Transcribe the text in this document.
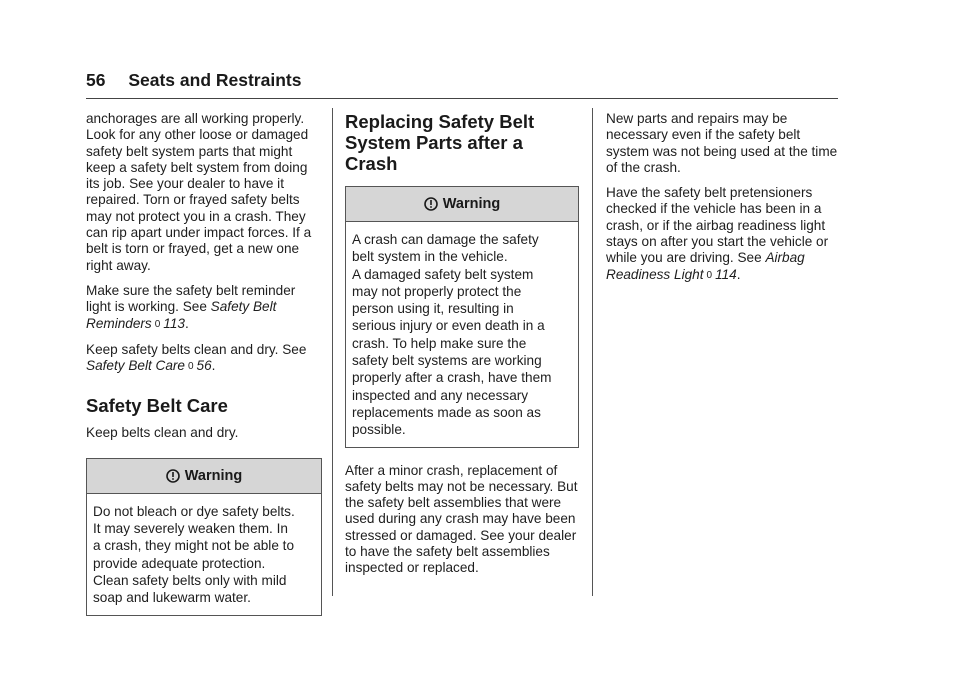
56 Seats and Restraints

anchorages are all working properly. Look for any other loose or damaged safety belt system parts that might keep a safety belt system from doing its job. See your dealer to have it repaired. Torn or frayed safety belts may not protect you in a crash. They can rip apart under impact forces. If a belt is torn or frayed, get a new one right away.

Make sure the safety belt reminder light is working. See Safety Belt Reminders 0 113.

Keep safety belts clean and dry. See Safety Belt Care 0 56.

Safety Belt Care

Keep belts clean and dry.

Warning
Do not bleach or dye safety belts.
It may severely weaken them. In
a crash, they might not be able to
provide adequate protection.
Clean safety belts only with mild
soap and lukewarm water.
Replacing Safety Belt
System Parts after a
Crash
Warning
A crash can damage the safety
belt system in the vehicle.
A damaged safety belt system
may not properly protect the
person using it, resulting in
serious injury or even death in a
crash. To help make sure the
safety belt systems are working
properly after a crash, have them
inspected and any necessary
replacements made as soon as
possible.

After a minor crash, replacement of safety belts may not be necessary. But the safety belt assemblies that were used during any crash may have been stressed or damaged. See your dealer to have the safety belt assemblies inspected or replaced.

New parts and repairs may be necessary even if the safety belt system was not being used at the time of the crash.

Have the safety belt pretensioners checked if the vehicle has been in a crash, or if the airbag readiness light stays on after you start the vehicle or while you are driving. See Airbag Readiness Light 0 114.
